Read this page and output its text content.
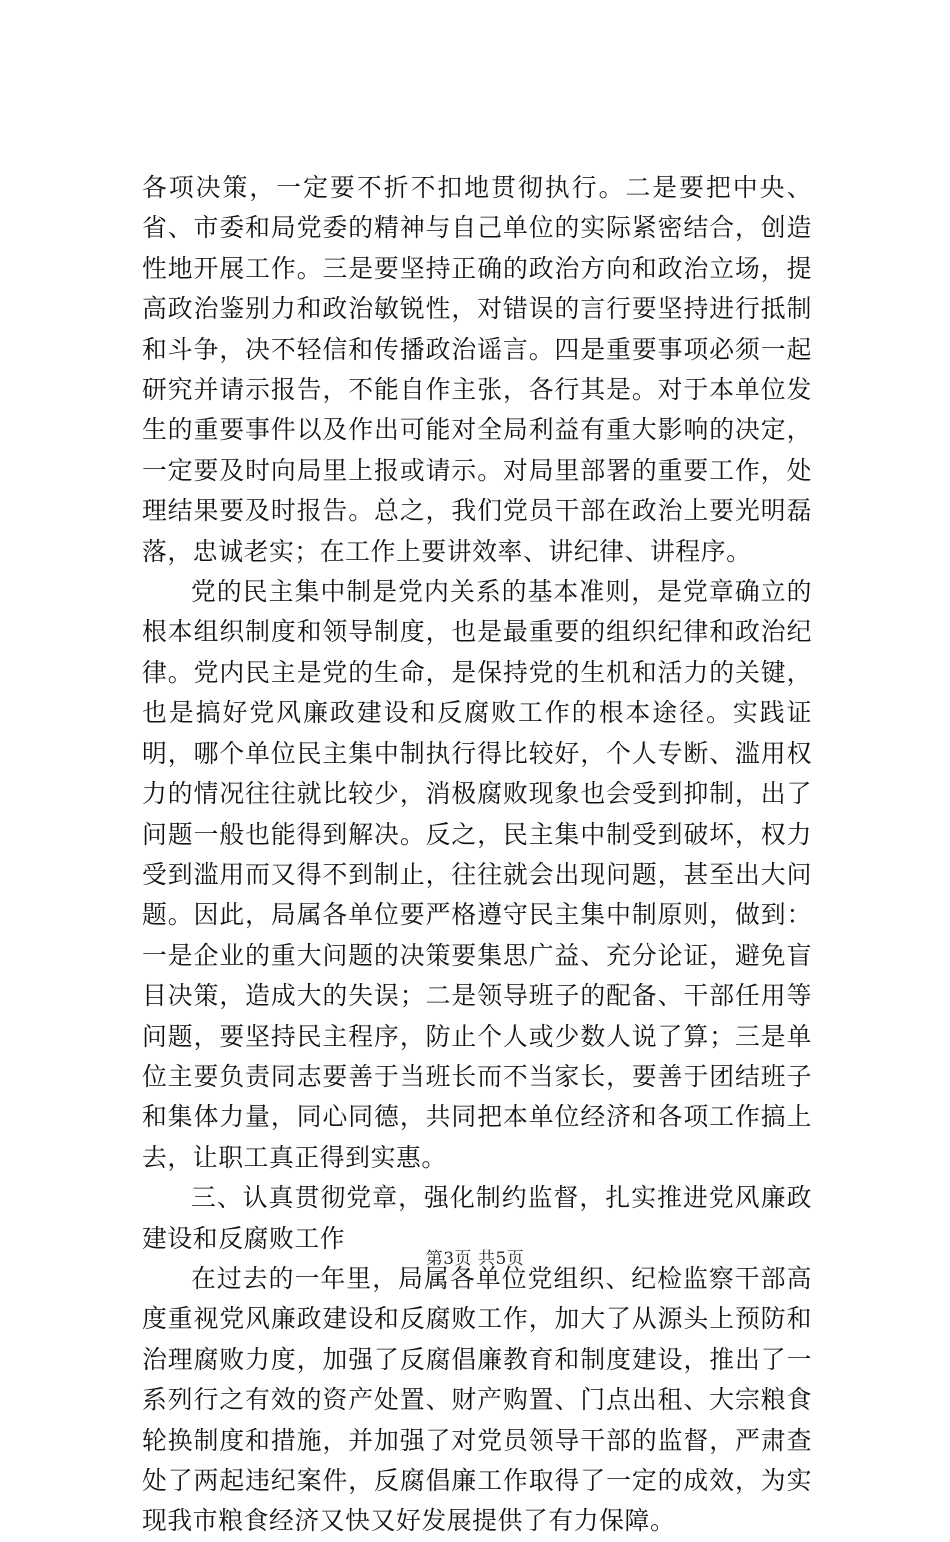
各项决策，一定要不折不扣地贯彻执行。二是要把中央、省、市委和局党委的精神与自己单位的实际紧密结合，创造性地开展工作。三是要坚持正确的政治方向和政治立场，提高政治鉴别力和政治敏锐性，对错误的言行要坚持进行抵制和斗争，决不轻信和传播政治谣言。四是重要事项必须一起研究并请示报告，不能自作主张，各行其是。对于本单位发生的重要事件以及作出可能对全局利益有重大影响的决定，一定要及时向局里上报或请示。对局里部署的重要工作，处理结果要及时报告。总之，我们党员干部在政治上要光明磊落，忠诚老实；在工作上要讲效率、讲纪律、讲程序。

党的民主集中制是党内关系的基本准则，是党章确立的根本组织制度和领导制度，也是最重要的组织纪律和政治纪律。党内民主是党的生命，是保持党的生机和活力的关键，也是搞好党风廉政建设和反腐败工作的根本途径。实践证明，哪个单位民主集中制执行得比较好，个人专断、滥用权力的情况往往就比较少，消极腐败现象也会受到抑制，出了问题一般也能得到解决。反之，民主集中制受到破坏，权力受到滥用而又得不到制止，往往就会出现问题，甚至出大问题。因此，局属各单位要严格遵守民主集中制原则，做到：一是企业的重大问题的决策要集思广益、充分论证，避免盲目决策，造成大的失误；二是领导班子的配备、干部任用等问题，要坚持民主程序，防止个人或少数人说了算；三是单位主要负责同志要善于当班长而不当家长，要善于团结班子和集体力量，同心同德，共同把本单位经济和各项工作搞上去，让职工真正得到实惠。

三、认真贯彻党章，强化制约监督，扎实推进党风廉政建设和反腐败工作

在过去的一年里，局属各单位党组织、纪检监察干部高度重视党风廉政建设和反腐败工作，加大了从源头上预防和治理腐败力度，加强了反腐倡廉教育和制度建设，推出了一系列行之有效的资产处置、财产购置、门点出租、大宗粮食轮换制度和措施，并加强了对党员领导干部的监督，严肃查处了两起违纪案件，反腐倡廉工作取得了一定的成效，为实现我市粮食经济又快又好发展提供了有力保障。

第3页 共5页
